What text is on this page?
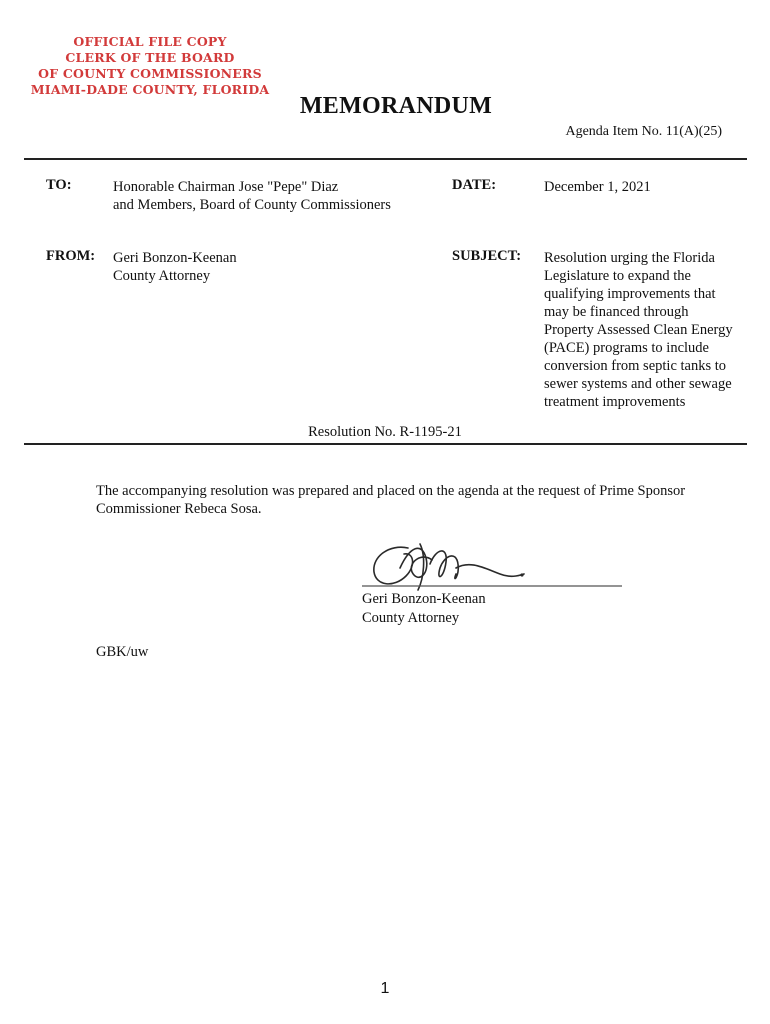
OFFICIAL FILE COPY
CLERK OF THE BOARD
OF COUNTY COMMISSIONERS
MIAMI-DADE COUNTY, FLORIDA
MEMORANDUM
Agenda Item No. 11(A)(25)
TO:	Honorable Chairman Jose "Pepe" Diaz
and Members, Board of County Commissioners
DATE:	December 1, 2021
FROM: Geri Bonzon-Keenan
County Attorney
SUBJECT: Resolution urging the Florida
Legislature to expand the
qualifying improvements that
may be financed through
Property Assessed Clean Energy
(PACE) programs to include
conversion from septic tanks to
sewer systems and other sewage
treatment improvements
Resolution No. R-1195-21
The accompanying resolution was prepared and placed on the agenda at the request of Prime Sponsor
Commissioner Rebeca Sosa.
Geri Bonzon-Keenan
County Attorney
GBK/uw
1
